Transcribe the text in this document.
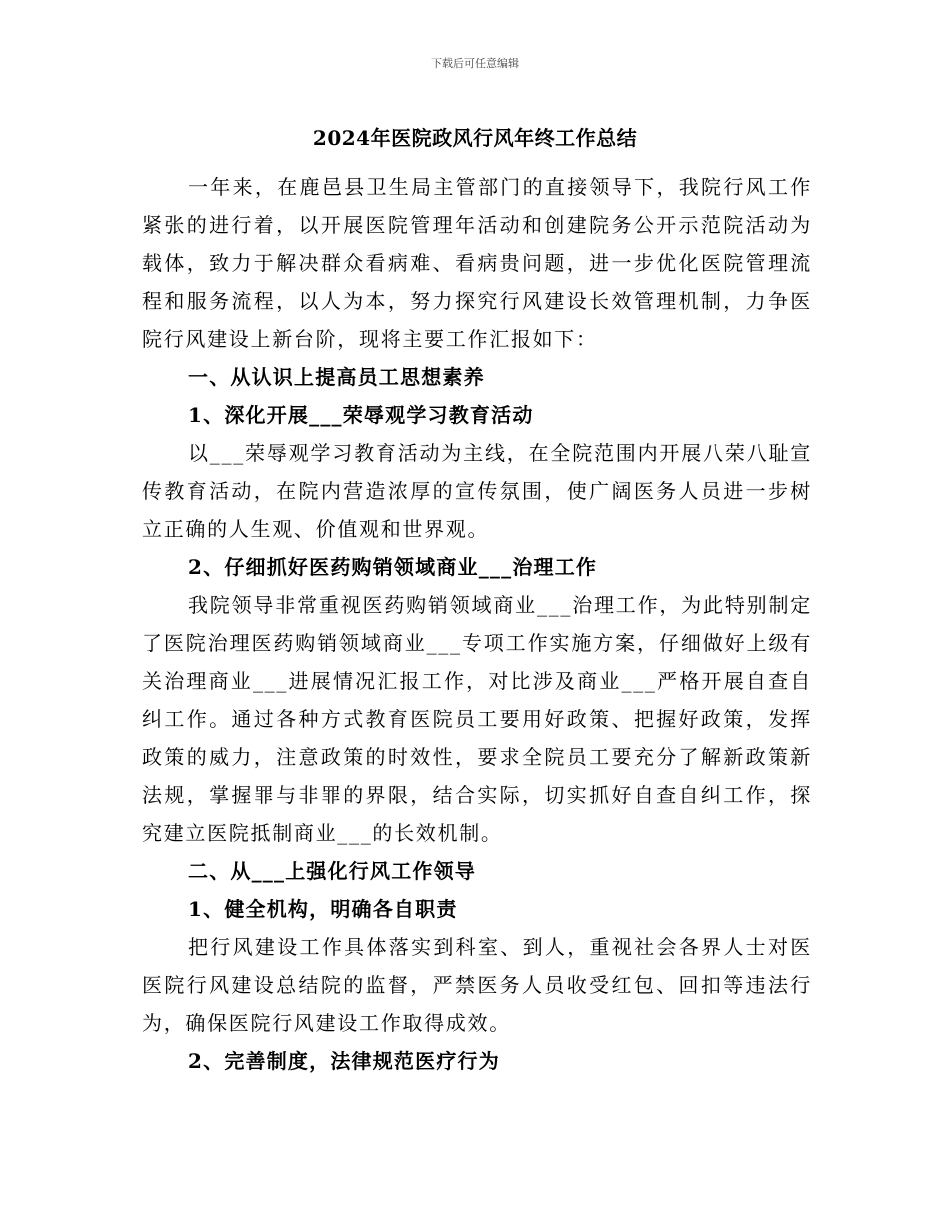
下载后可任意编辑
2024年医院政风行风年终工作总结

一年来，在鹿邑县卫生局主管部门的直接领导下，我院行风工作紧张的进行着，以开展医院管理年活动和创建院务公开示范院活动为载体，致力于解决群众看病难、看病贵问题，进一步优化医院管理流程和服务流程，以人为本，努力探究行风建设长效管理机制，力争医院行风建设上新台阶，现将主要工作汇报如下：

一、从认识上提高员工思想素养
1、深化开展___荣辱观学习教育活动

以___荣辱观学习教育活动为主线，在全院范围内开展八荣八耻宣传教育活动，在院内营造浓厚的宣传氛围，使广阔医务人员进一步树立正确的人生观、价值观和世界观。

2、仔细抓好医药购销领域商业___治理工作

我院领导非常重视医药购销领域商业___治理工作，为此特别制定了医院治理医药购销领域商业___专项工作实施方案，仔细做好上级有关治理商业___进展情况汇报工作，对比涉及商业___严格开展自查自纠工作。通过各种方式教育医院员工要用好政策、把握好政策，发挥政策的威力，注意政策的时效性，要求全院员工要充分了解新政策新法规，掌握罪与非罪的界限，结合实际，切实抓好自查自纠工作，探究建立医院抵制商业___的长效机制。

二、从___上强化行风工作领导
1、健全机构，明确各自职责

把行风建设工作具体落实到科室、到人，重视社会各界人士对医医院行风建设总结院的监督，严禁医务人员收受红包、回扣等违法行为，确保医院行风建设工作取得成效。

2、完善制度，法律规范医疗行为
